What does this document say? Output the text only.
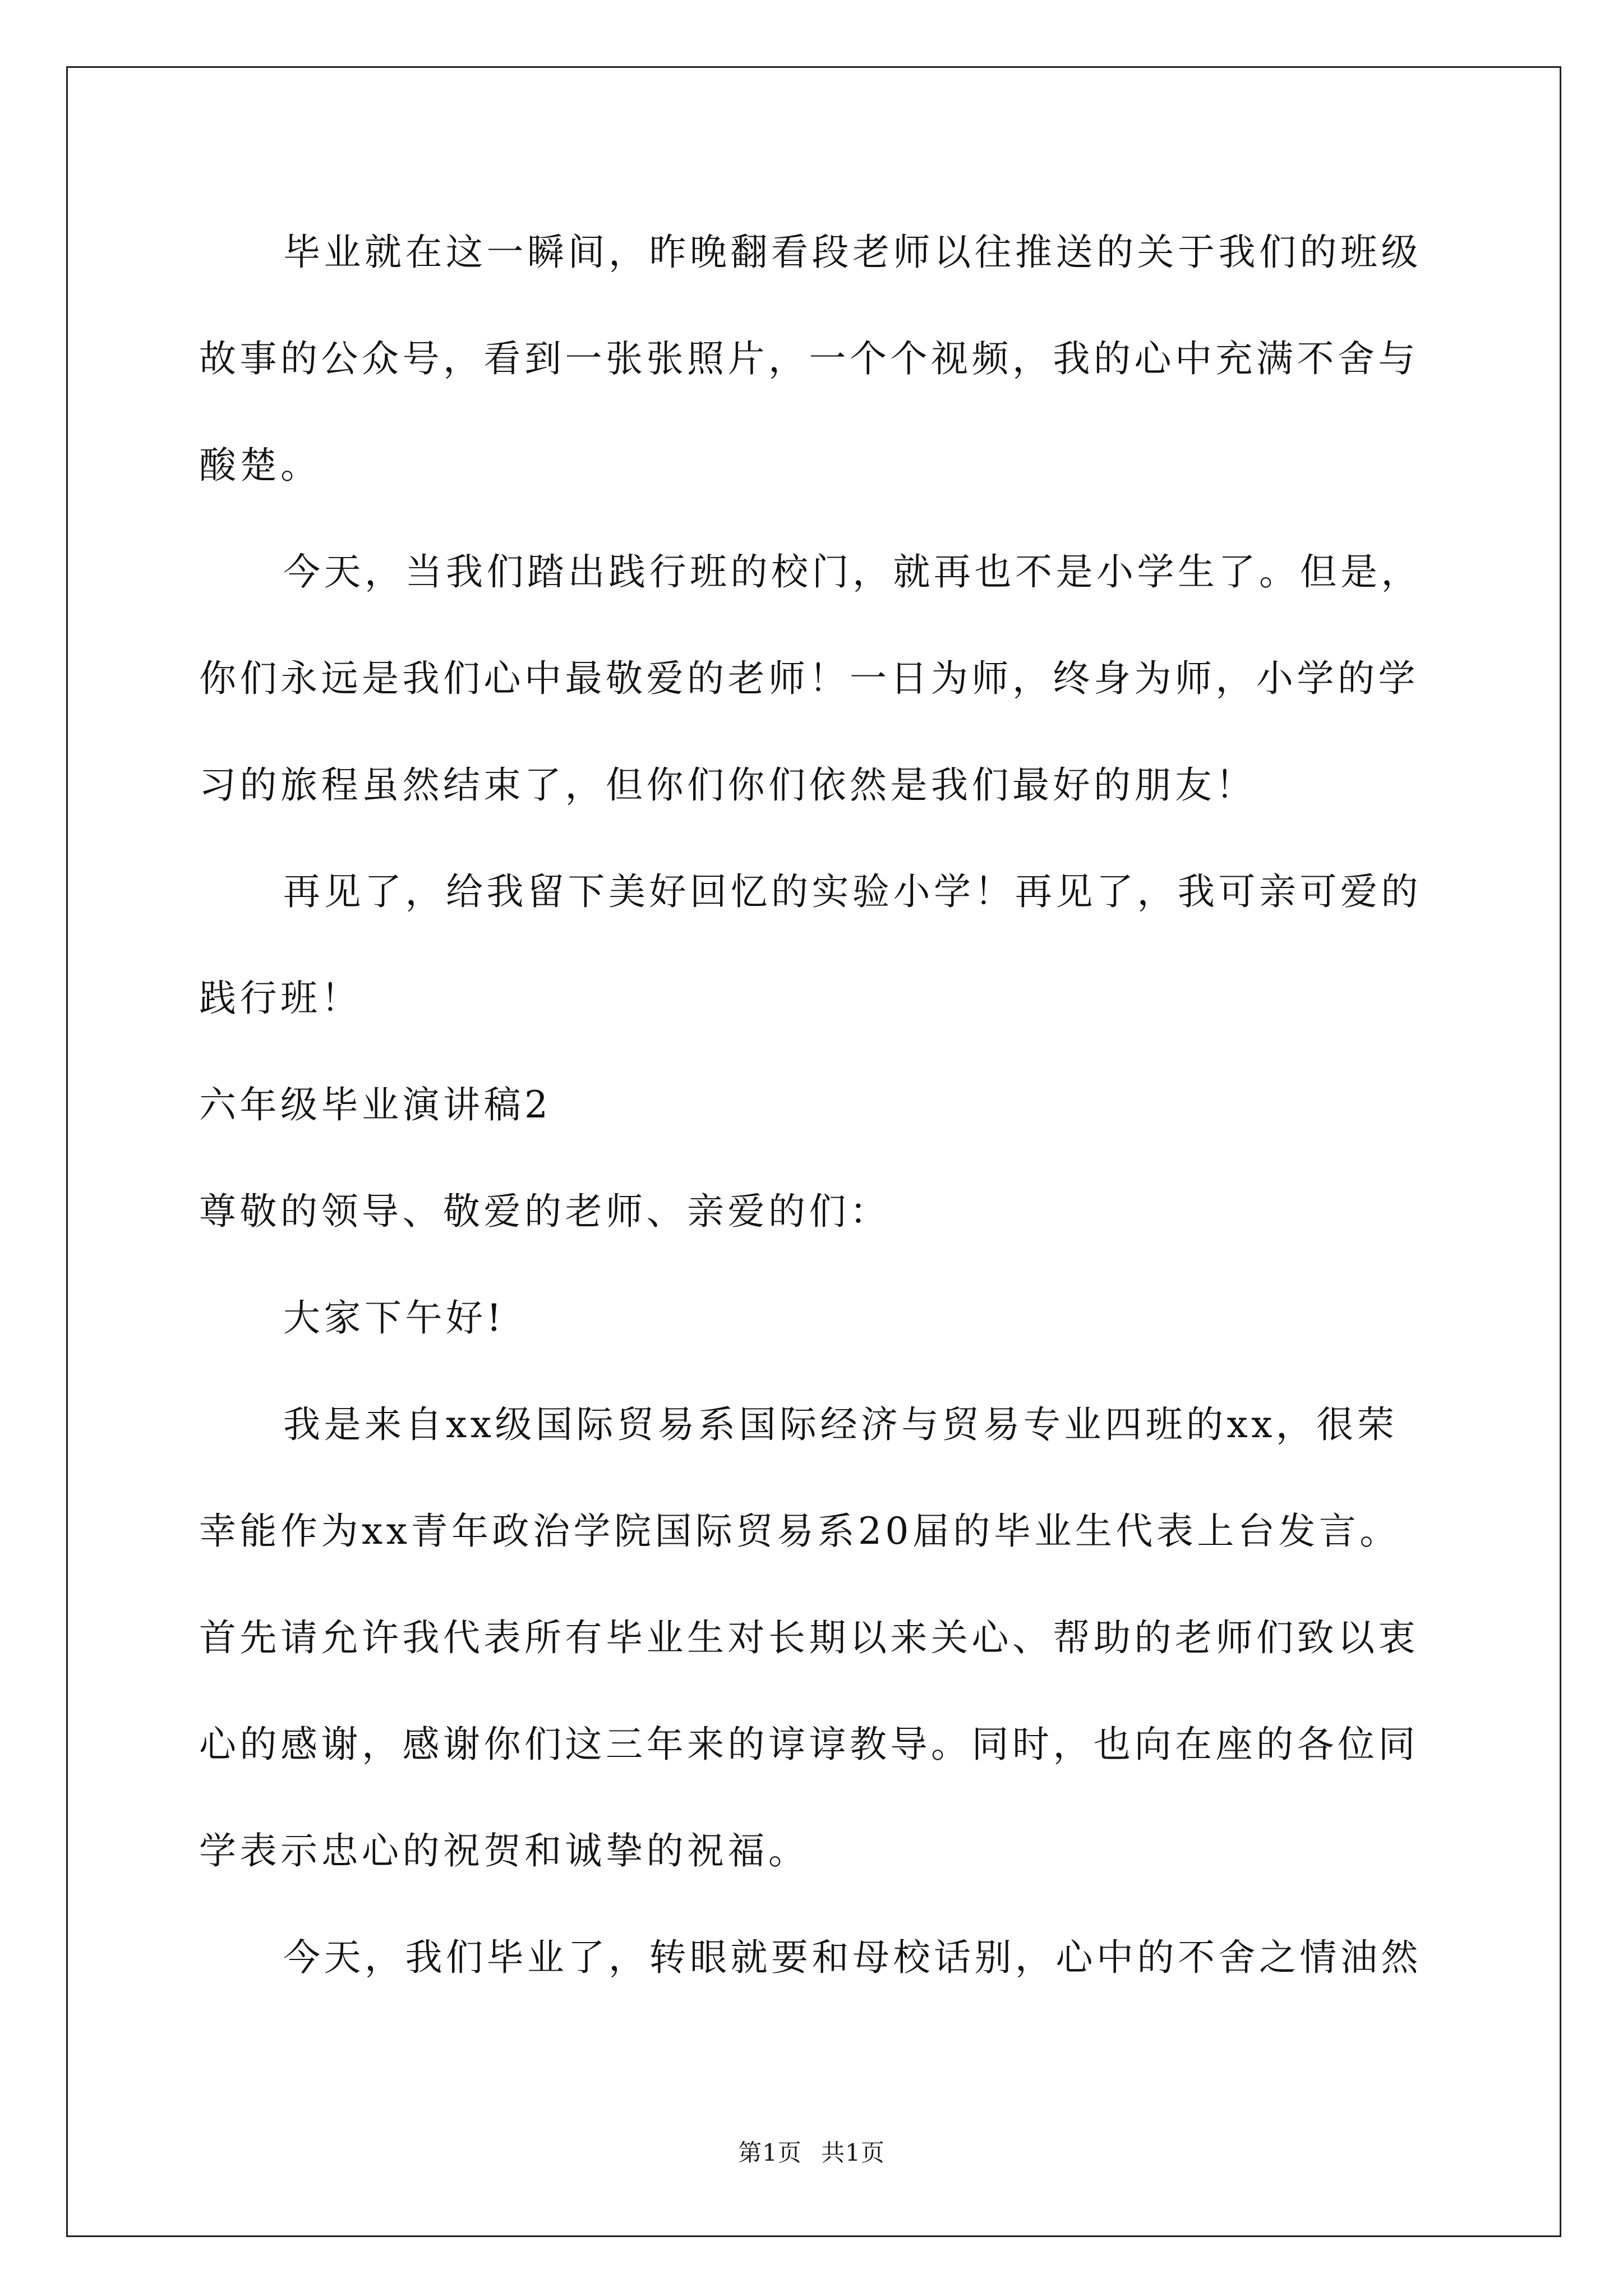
毕业就在这一瞬间，昨晚翻看段老师以往推送的关于我们的班级
故事的公众号，看到一张张照片，一个个视频，我的心中充满不舍与
酸楚。
今天，当我们踏出践行班的校门，就再也不是小学生了。但是，
你们永远是我们心中最敬爱的老师！一日为师，终身为师，小学的学
习的旅程虽然结束了，但你们你们依然是我们最好的朋友！
再见了，给我留下美好回忆的实验小学！再见了，我可亲可爱的
践行班！
六年级毕业演讲稿2
尊敬的领导、敬爱的老师、亲爱的们：
大家下午好!
我是来自xx级国际贸易系国际经济与贸易专业四班的xx，很荣
幸能作为xx青年政治学院国际贸易系20届的毕业生代表上台发言。
首先请允许我代表所有毕业生对长期以来关心、帮助的老师们致以衷
心的感谢，感谢你们这三年来的谆谆教导。同时，也向在座的各位同
学表示忠心的祝贺和诚挚的祝福。
今天，我们毕业了，转眼就要和母校话别，心中的不舍之情油然
第1页 共1页
